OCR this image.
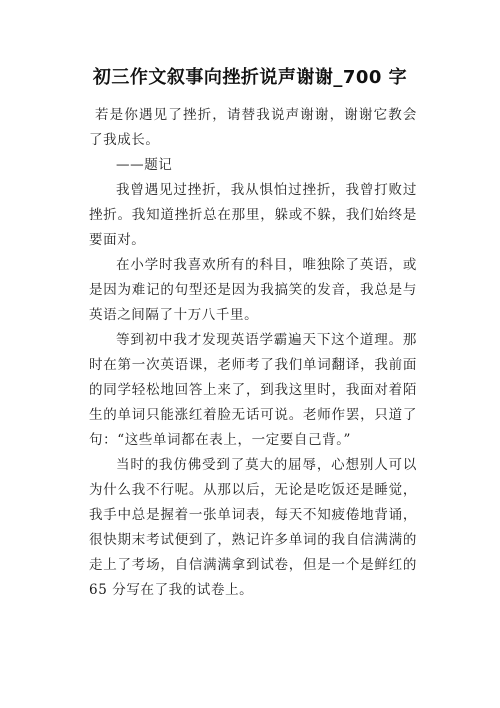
初三作文叙事向挫折说声谢谢_700 字

若是你遇见了挫折，请替我说声谢谢，谢谢它教会了我成长。

——题记

我曾遇见过挫折，我从惧怕过挫折，我曾打败过挫折。我知道挫折总在那里，躲或不躲，我们始终是要面对。

在小学时我喜欢所有的科目，唯独除了英语，或是因为难记的句型还是因为我搞笑的发音，我总是与英语之间隔了十万八千里。

等到初中我才发现英语学霸遍天下这个道理。那时在第一次英语课，老师考了我们单词翻译，我前面的同学轻松地回答上来了，到我这里时，我面对着陌生的单词只能涨红着脸无话可说。老师作罢，只道了句：“这些单词都在表上，一定要自己背。”

当时的我仿佛受到了莫大的屈辱，心想别人可以为什么我不行呢。从那以后，无论是吃饭还是睡觉，我手中总是握着一张单词表，每天不知疲倦地背诵，很快期末考试便到了，熟记许多单词的我自信满满的走上了考场，自信满满拿到试卷，但是一个是鲜红的 65 分写在了我的试卷上。
